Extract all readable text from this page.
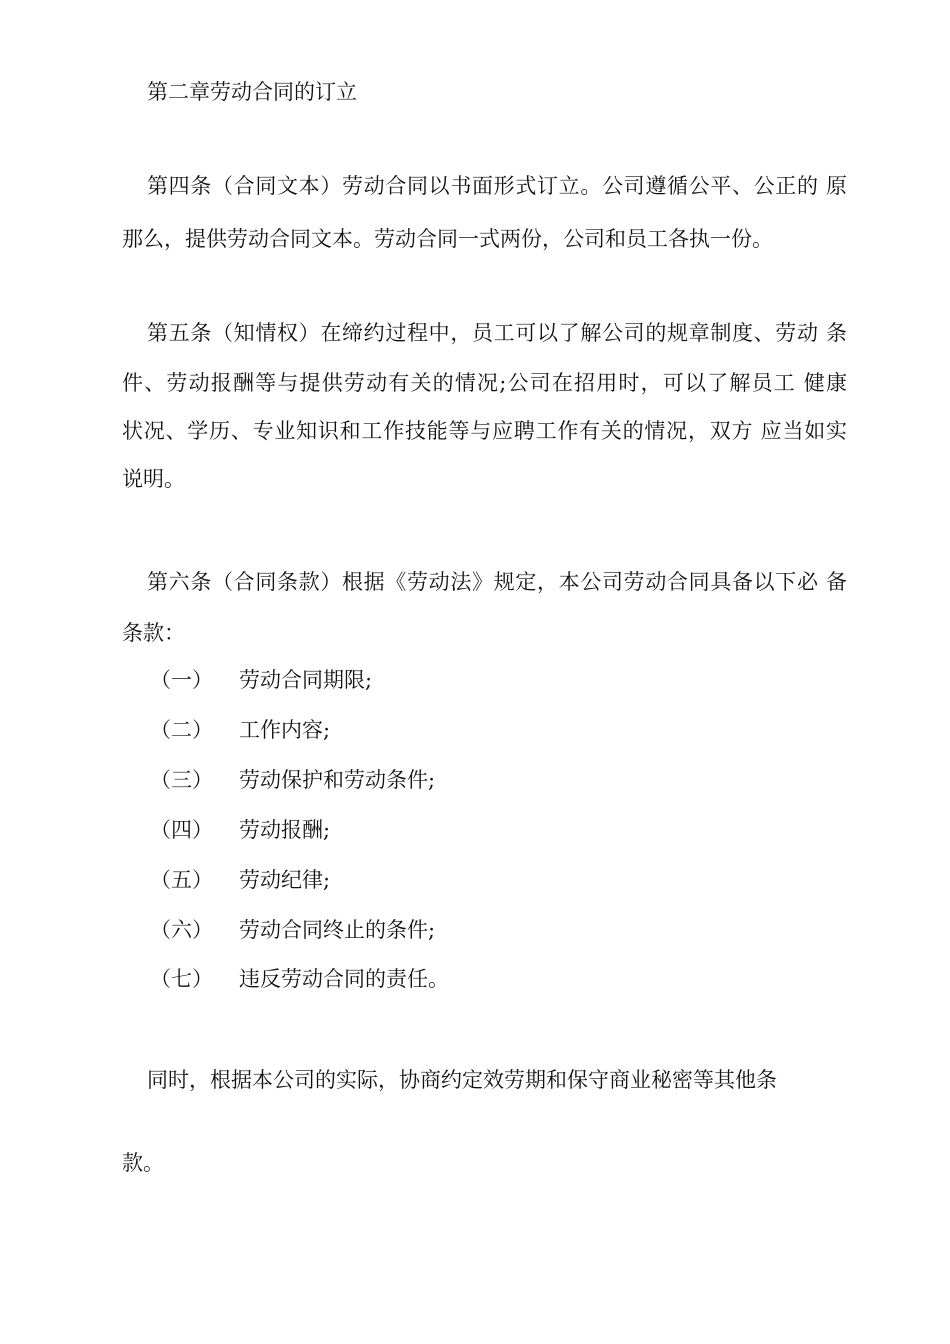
第二章劳动合同的订立
第四条（合同文本）劳动合同以书面形式订立。公司遵循公平、公正的 原
那么，提供劳动合同文本。劳动合同一式两份，公司和员工各执一份。
第五条（知情权）在缔约过程中，员工可以了解公司的规章制度、劳动 条
件、劳动报酬等与提供劳动有关的情况;公司在招用时，可以了解员工 健康
状况、学历、专业知识和工作技能等与应聘工作有关的情况，双方 应当如实
说明。
第六条（合同条款）根据《劳动法》规定，本公司劳动合同具备以下必 备
条款：
（一） 劳动合同期限;
（二） 工作内容;
（三） 劳动保护和劳动条件;
（四） 劳动报酬;
（五） 劳动纪律;
（六） 劳动合同终止的条件;
（七） 违反劳动合同的责任。
同时，根据本公司的实际，协商约定效劳期和保守商业秘密等其他条
款。
